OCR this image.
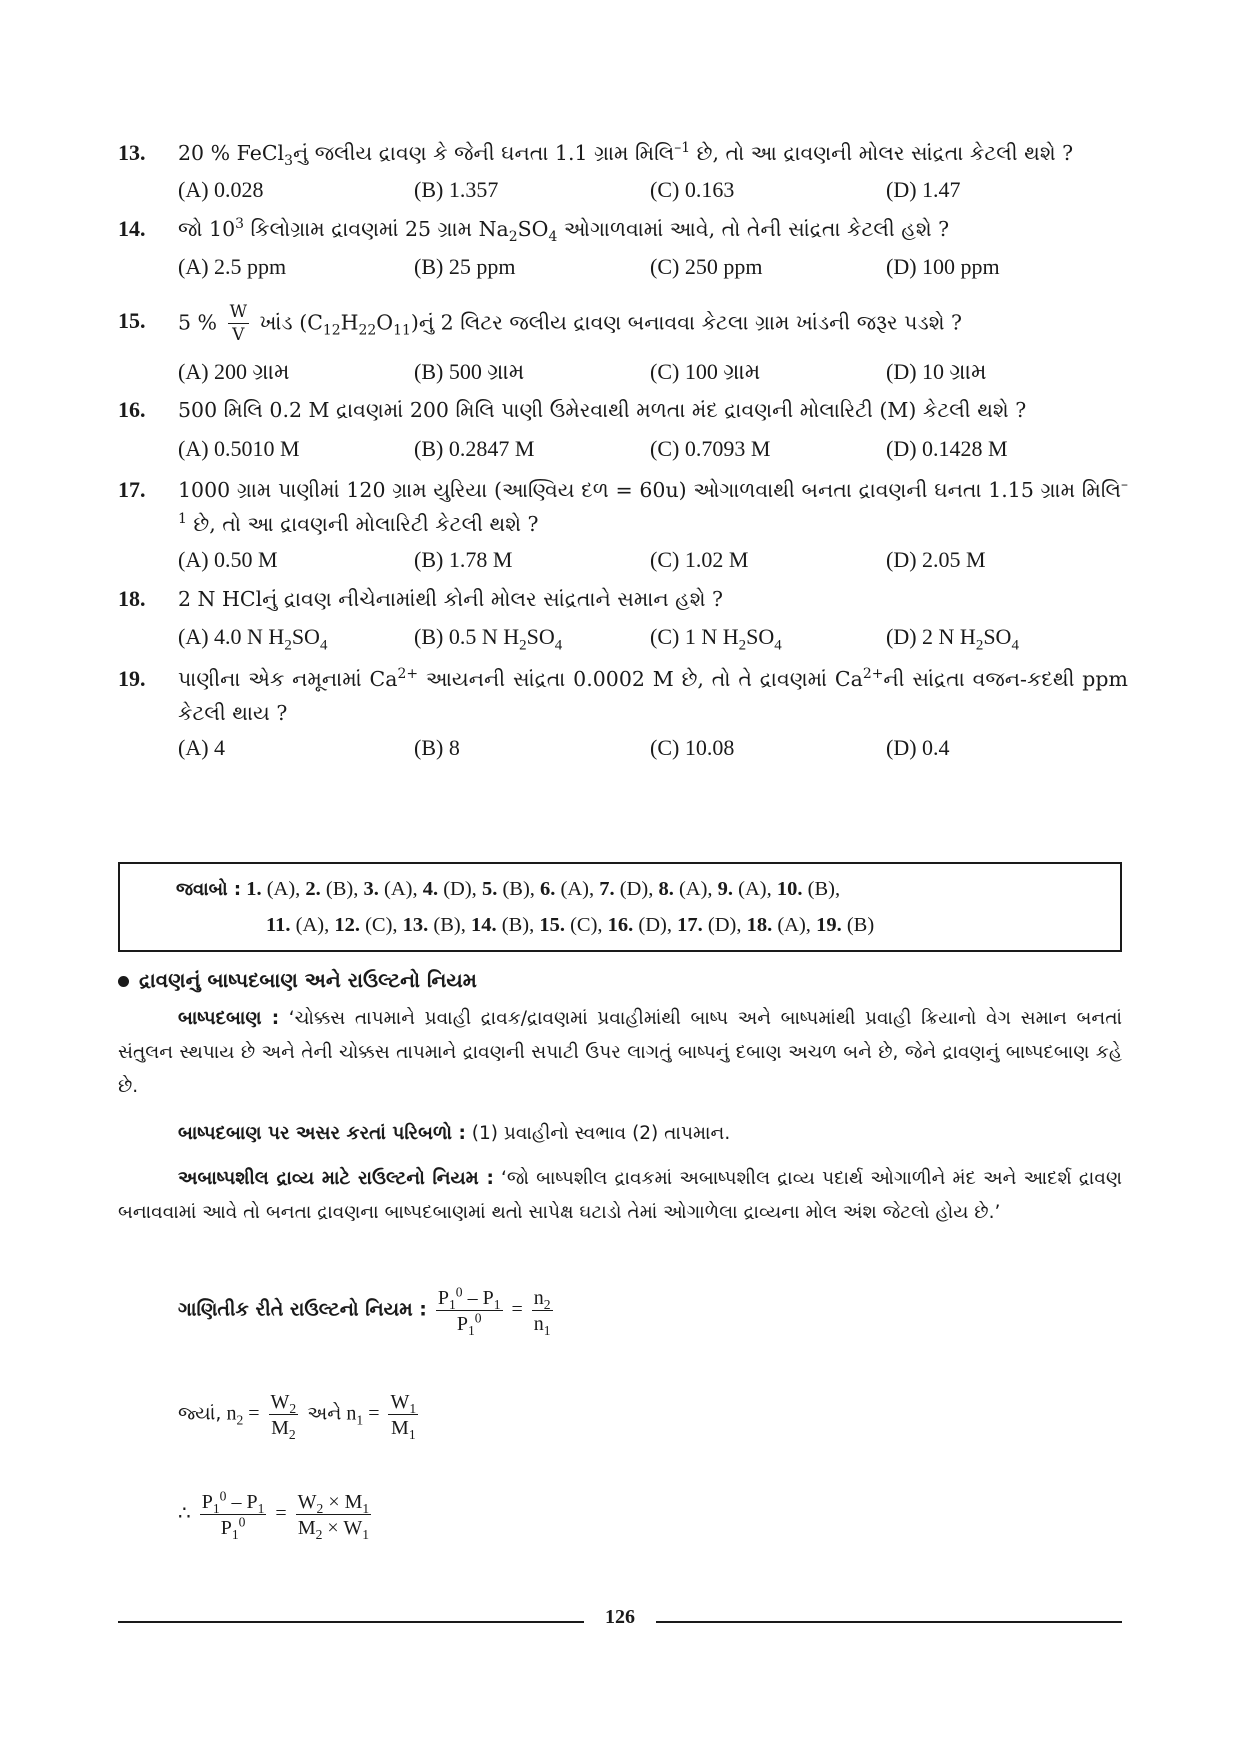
13. 20 % FeCl$_3$નું જલીય દ્રાવણ કે જેની ઘનતા 1.1 ગ્રામ મિલિ$^{-1}$ છે, તો આ દ્રાવણની મોલર સાંદ્રતા કેટલી થશે ?
(A) 0.028	(B) 1.357	(C) 0.163	(D) 1.47
14. જો $10^3$ કિલોગ્રામ દ્રાવણમાં 25 ગ્રામ $Na_2SO_4$ ઓગાળવામાં આવે, તો તેની સાંદ્રતા કેટલી હશે ?
(A) 2.5 ppm	(B) 25 ppm	(C) 250 ppm	(D) 100 ppm
15. 5 % $\frac{W}{V}$ ખાંડ $(C_{12}H_{22}O_{11})નું$ 2 લિટર જલીય દ્રાવણ બનાવવા કેટલા ગ્રામ ખાંડની જરૂર પડશે ?
(A) 200 ગ્રામ	(B) 500 ગ્રામ	(C) 100 ગ્રામ	(D) 10 ગ્રામ
16. 500 મિલિ 0.2 M દ્રાવણમાં 200 મિલિ પાણી ઉમેરવાથી મળતા મંદ દ્રાવણની મોલારિટી (M) કેટલી થશે ?
(A) 0.5010 M	(B) 0.2847 M	(C) 0.7093 M	(D) 0.1428 M
17. 1000 ગ્રામ પાણીમાં 120 ગ્રામ યુરિયા (આણ્વિય દળ = 60u) ઓગાળવાથી બનતા દ્રાવણની ઘનતા 1.15 ગ્રામ મિલિ$^{-1}$ છે, તો આ દ્રાવણની મોલારિટી કેટલી થશે ?
(A) 0.50 M	(B) 1.78 M	(C) 1.02 M	(D) 2.05 M
18. 2 N HClનું દ્રાવણ નીચેનામાંથી કોની મોલર સાંદ્રતાને સમાન હશે ?
(A) 4.0 N $H_2SO_4$	(B) 0.5 N $H_2SO_4$	(C) 1 N $H_2SO_4$	(D) 2 N $H_2SO_4$
19. પાણીના એક નમૂનામાં $Ca^{2+}$ આયનની સાંદ્રતા 0.0002 M છે, તો તે દ્રાવણમાં $Ca^{2+}ની$ સાંદ્રતા વજન-કદથી ppm કેટલી થાય ?
(A) 4	(B) 8	(C) 10.08	(D) 0.4
જવાબો : 1. (A), 2. (B), 3. (A), 4. (D), 5. (B), 6. (A), 7. (D), 8. (A), 9. (A), 10. (B),
11. (A), 12. (C), 13. (B), 14. (B), 15. (C), 16. (D), 17. (D), 18. (A), 19. (B)
દ્રાવણનું બાષ્પદબાણ અને રાઉલ્ટનો નિયમ
બાષ્પદબાણ : ‘ચોક્કસ તાપમાને પ્રવાહી દ્રાવક/દ્રાવણમાં પ્રવાહીમાંથી બાષ્પ અને બાષ્પમાંથી પ્રવાહી ક્રિયાનો વેગ સમાન બનતાં સંતુલન સ્થપાય છે અને તેની ચોક્કસ તાપમાને દ્રાવણની સપાટી ઉપર લાગતું બાષ્પનું દબાણ અચળ બને છે, જેને દ્રાવણનું બાષ્પદબાણ કહે છે.
બાષ્પદબાણ પર અસર કરતાં પરિબળો : (1) પ્રવાહીનો સ્વભાવ (2) તાપમાન.
અબાષ્પશીલ દ્રાવ્ય માટે રાઉલ્ટનો નિયમ : ‘જો બાષ્પશીલ દ્રાવકમાં અબાષ્પશીલ દ્રાવ્ય પદાર્થ ઓગાળીને મંદ અને આદર્શ દ્રાવણ બનાવવામાં આવે તો બનતા દ્રાવણના બાષ્પદબાણમાં થતો સાપેક્ષ ઘટાડો તેમાં ઓગાળેલા દ્રાવ્યના મોલ અંશ જેટલો હોય છે.’
ગાણિતીક રીતે રાઉલ્ટનો નિયમ : $\frac{P_1^0 - P_1}{P_1^0} = \frac{n_2}{n_1}$
જ્યાં, $n_2 = \frac{W_2}{M_2}$ અને $n_1 = \frac{W_1}{M_1}$
∴ $\frac{P_1^0 - P_1}{P_1^0} = \frac{W_2 \times M_1}{M_2 \times W_1}$
126
